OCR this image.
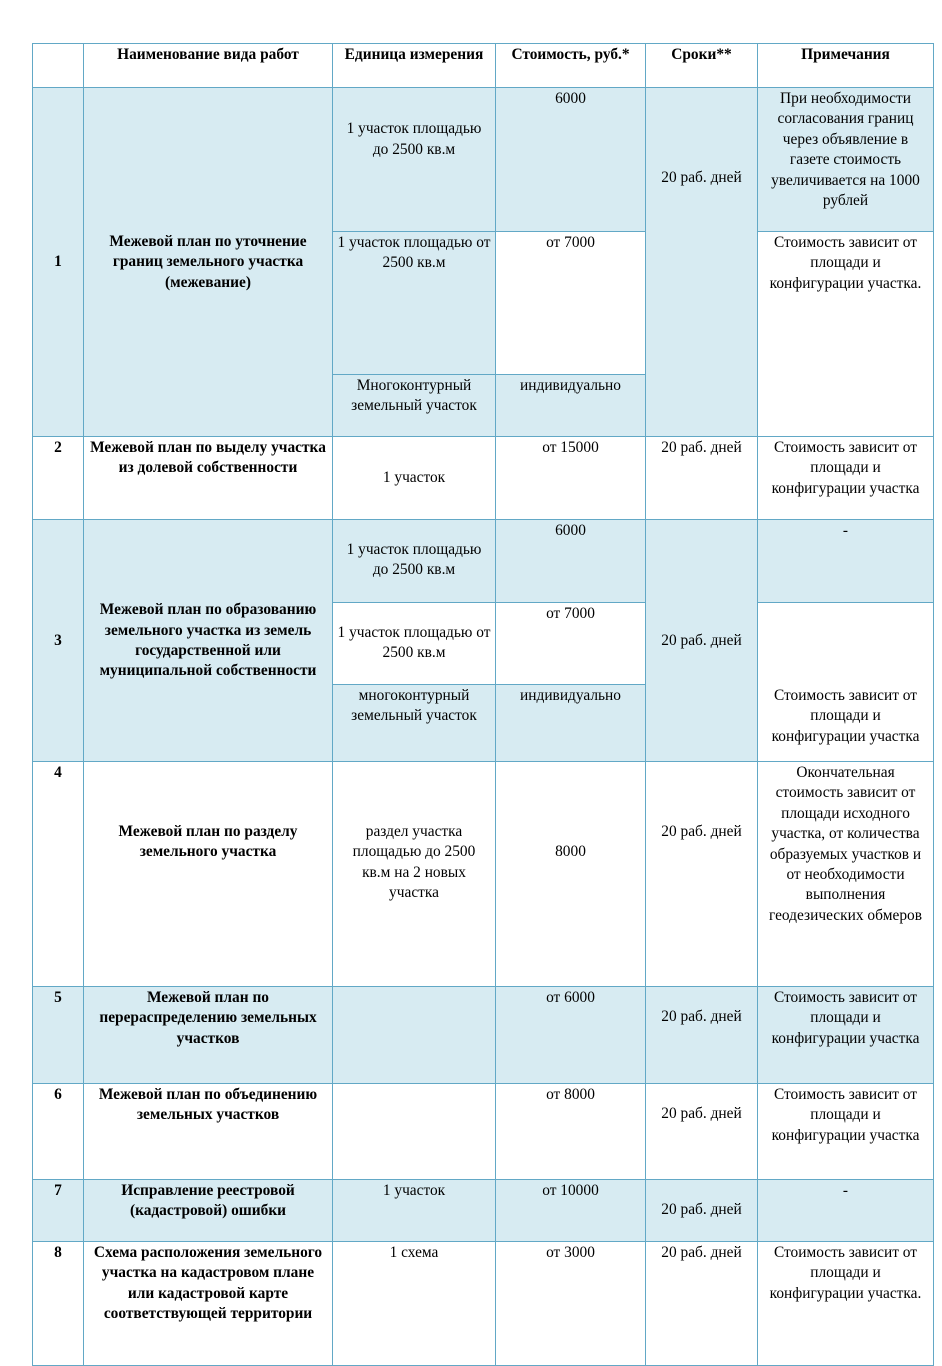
	Наименование вида работ	Единица измерения	Стоимость, руб.*	Сроки**	Примечания
1	Межевой план по уточнение границ земельного участка (межевание)	1 участок площадью до 2500 кв.м	6000	20 раб. дней	При необходимости согласования границ через объявление в газете стоимость увеличивается на 1000 рублей
		1 участок площадью от 2500 кв.м	от 7000		Стоимость зависит от площади и конфигурации участка.
		Многоконтурный земельный участок	индивидуально		
2	Межевой план по выделу участка из долевой собственности	1 участок	от 15000	20 раб. дней	Стоимость зависит от площади и конфигурации участка
3	Межевой план по образованию земельного участка из земель государственной или муниципальной собственности	1 участок площадью до 2500 кв.м	6000	20 раб. дней	-
		1 участок площадью от 2500 кв.м	от 7000		Стоимость зависит от площади и конфигурации участка
		многоконтурный земельный участок	индивидуально		
4	Межевой план по разделу земельного участка	раздел участка площадью до 2500 кв.м на 2 новых участка	8000	20 раб. дней	Окончательная стоимость зависит от площади исходного участка, от количества образуемых участков и от необходимости выполнения геодезических обмеров
5	Межевой план по перераспределению земельных участков		от 6000	20 раб. дней	Стоимость зависит от площади и конфигурации участка
6	Межевой план по объединению земельных участков		от 8000	20 раб. дней	Стоимость зависит от площади и конфигурации участка
7	Исправление реестровой (кадастровой) ошибки	1 участок	от 10000	20 раб. дней	-
8	Схема расположения земельного участка на кадастровом плане или кадастровой карте соответствующей территории	1 схема	от 3000	20 раб. дней	Стоимость зависит от площади и конфигурации участка.
